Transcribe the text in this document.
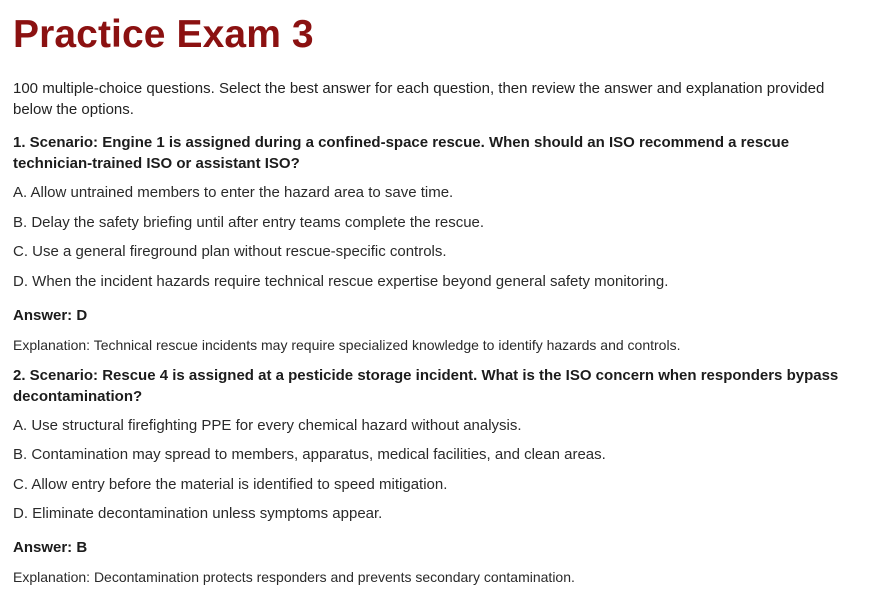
Practice Exam 3

100 multiple-choice questions. Select the best answer for each question, then review the answer and explanation provided below the options.

1. Scenario: Engine 1 is assigned during a confined-space rescue. When should an ISO recommend a rescue technician-trained ISO or assistant ISO?

A. Allow untrained members to enter the hazard area to save time.
B. Delay the safety briefing until after entry teams complete the rescue.
C. Use a general fireground plan without rescue-specific controls.
D. When the incident hazards require technical rescue expertise beyond general safety monitoring.

Answer: D

Explanation: Technical rescue incidents may require specialized knowledge to identify hazards and controls.

2. Scenario: Rescue 4 is assigned at a pesticide storage incident. What is the ISO concern when responders bypass decontamination?

A. Use structural firefighting PPE for every chemical hazard without analysis.
B. Contamination may spread to members, apparatus, medical facilities, and clean areas.
C. Allow entry before the material is identified to speed mitigation.
D. Eliminate decontamination unless symptoms appear.

Answer: B

Explanation: Decontamination protects responders and prevents secondary contamination.
